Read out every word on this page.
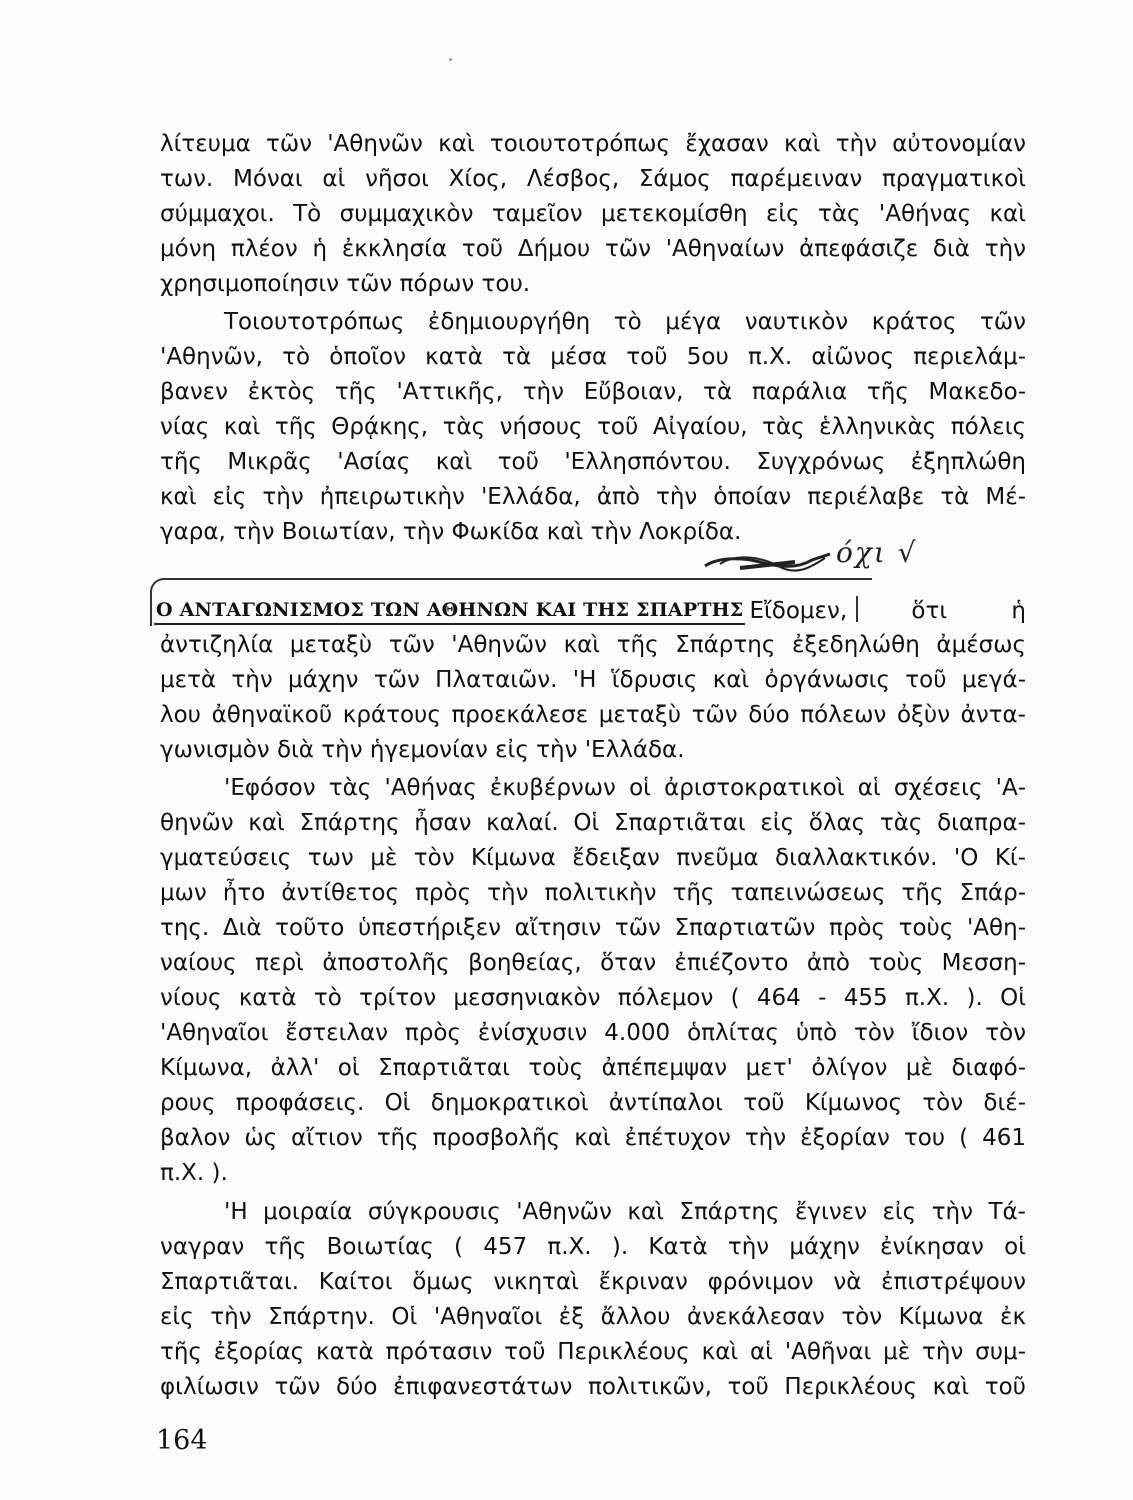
λίτευμα τῶν 'Αθηνῶν καὶ τοιουτοτρόπως ἔχασαν καὶ τὴν αὐτονομίαν
των. Μόναι αἱ νῆσοι Χίος, Λέσβος, Σάμος παρέμειναν πραγματικοὶ
σύμμαχοι. Τὸ συμμαχικὸν ταμεῖον μετεκομίσθη εἰς τὰς 'Αθήνας καὶ
μόνη πλέον ἡ ἐκκλησία τοῦ Δήμου τῶν 'Αθηναίων ἀπεφάσιζε διὰ τὴν
χρησιμοποίησιν τῶν πόρων του.
Τοιουτοτρόπως ἐδημιουργήθη τὸ μέγα ναυτικὸν κράτος τῶν
'Αθηνῶν, τὸ ὁποῖον κατὰ τὰ μέσα τοῦ 5ου π.Χ. αἰῶνος περιελάμ-
βανεν ἐκτὸς τῆς 'Αττικῆς, τὴν Εὔβοιαν, τὰ παράλια τῆς Μακεδο-
νίας καὶ τῆς Θρᾴκης, τὰς νήσους τοῦ Αἰγαίου, τὰς ἑλληνικὰς πόλεις
τῆς Μικρᾶς 'Ασίας καὶ τοῦ 'Ελλησπόντου. Συγχρόνως ἐξηπλώθη
καὶ εἰς τὴν ἠπειρωτικὴν 'Ελλάδα, ἀπὸ τὴν ὁποίαν περιέλαβε τὰ Μέ-
γαρα, τὴν Βοιωτίαν, τὴν Φωκίδα καὶ τὴν Λοκρίδα.
Ο ΑΝΤΑΓΩΝΙΣΜΟΣ ΤΩΝ ΑΘΗΝΩΝ ΚΑΙ ΤΗΣ ΣΠΑΡΤΗΣ Εἴδομεν, ὅτι ἡ
ἀντιζηλία μεταξὺ τῶν 'Αθηνῶν καὶ τῆς Σπάρτης ἐξεδηλώθη ἀμέσως
μετὰ τὴν μάχην τῶν Πλαταιῶν. 'Η ἵδρυσις καὶ ὀργάνωσις τοῦ μεγά-
λου ἀθηναϊκοῦ κράτους προεκάλεσε μεταξὺ τῶν δύο πόλεων ὀξὺν ἀντα-
γωνισμὸν διὰ τὴν ἡγεμονίαν εἰς τὴν 'Ελλάδα.
'Εφόσον τὰς 'Αθήνας ἐκυβέρνων οἱ ἀριστοκρατικοὶ αἱ σχέσεις 'Α-
θηνῶν καὶ Σπάρτης ἦσαν καλαί. Οἱ Σπαρτιᾶται εἰς ὅλας τὰς διαπρα-
γματεύσεις των μὲ τὸν Κίμωνα ἔδειξαν πνεῦμα διαλλακτικόν. 'Ο Κί-
μων ἦτο ἀντίθετος πρὸς τὴν πολιτικὴν τῆς ταπεινώσεως τῆς Σπάρ-
της. Διὰ τοῦτο ὑπεστήριξεν αἴτησιν τῶν Σπαρτιατῶν πρὸς τοὺς 'Αθη-
ναίους περὶ ἀποστολῆς βοηθείας, ὅταν ἐπιέζοντο ἀπὸ τοὺς Μεσση-
νίους κατὰ τὸ τρίτον μεσσηνιακὸν πόλεμον ( 464 - 455 π.Χ. ). Οἱ
'Αθηναῖοι ἔστειλαν πρὸς ἐνίσχυσιν 4.000 ὁπλίτας ὑπὸ τὸν ἴδιον τὸν
Κίμωνα, ἀλλ' οἱ Σπαρτιᾶται τοὺς ἀπέπεμψαν μετ' ὀλίγον μὲ διαφό-
ρους προφάσεις. Οἱ δημοκρατικοὶ ἀντίπαλοι τοῦ Κίμωνος τὸν διέ-
βαλον ὡς αἴτιον τῆς προσβολῆς καὶ ἐπέτυχον τὴν ἐξορίαν του ( 461
π.Χ. ).
'Η μοιραία σύγκρουσις 'Αθηνῶν καὶ Σπάρτης ἔγινεν εἰς τὴν Τά-
ναγραν τῆς Βοιωτίας ( 457 π.Χ. ). Κατὰ τὴν μάχην ἐνίκησαν οἱ
Σπαρτιᾶται. Καίτοι ὅμως νικηταὶ ἔκριναν φρόνιμον νὰ ἐπιστρέψουν
εἰς τὴν Σπάρτην. Οἱ 'Αθηναῖοι ἐξ ἄλλου ἀνεκάλεσαν τὸν Κίμωνα ἐκ
τῆς ἐξορίας κατὰ πρότασιν τοῦ Περικλέους καὶ αἱ 'Αθῆναι μὲ τὴν συμ-
φιλίωσιν τῶν δύο ἐπιφανεστάτων πολιτικῶν, τοῦ Περικλέους καὶ τοῦ
όχι √
164
